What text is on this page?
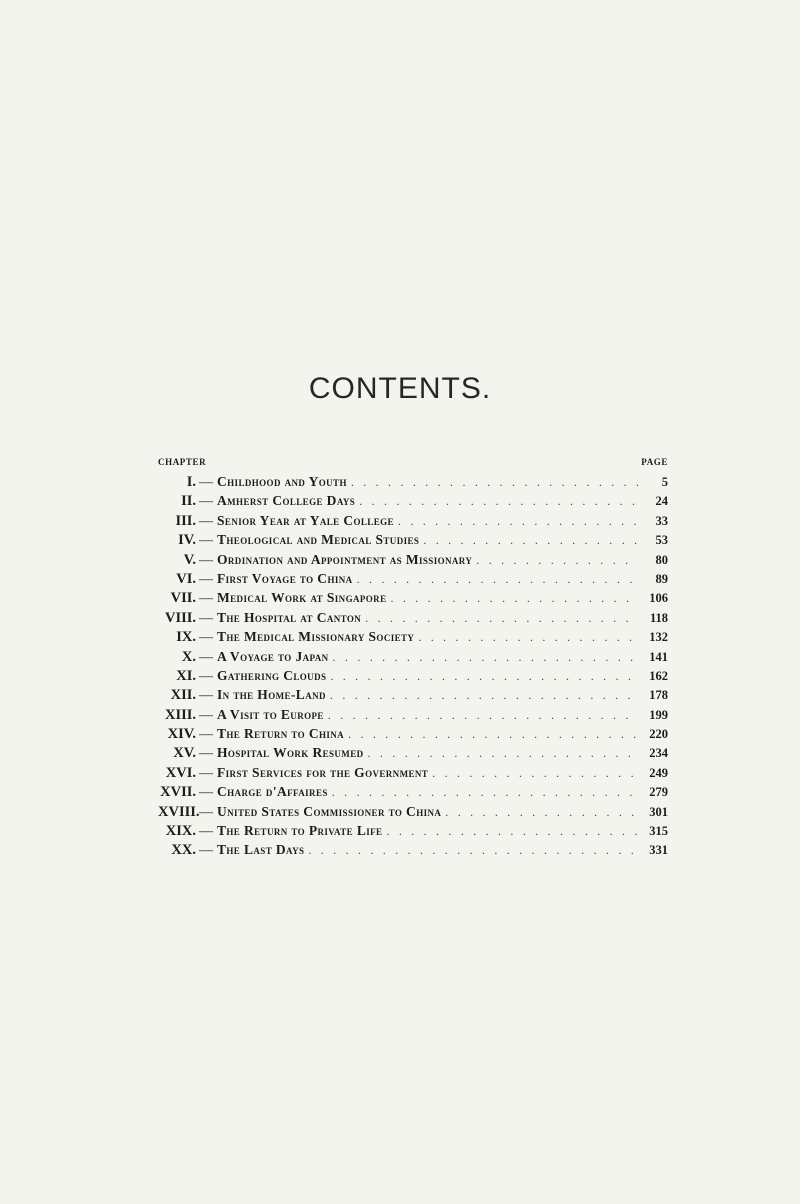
CONTENTS.
CHAPTER	PAGE
I. — Childhood and Youth . . .	5
II. — Amherst College Days . . .	24
III. — Senior Year at Yale College . . .	33
IV. — Theological and Medical Studies . . .	53
V. — Ordination and Appointment as Missionary . . .	80
VI. — First Voyage to China . . .	89
VII. — Medical Work at Singapore . . .	106
VIII. — The Hospital at Canton . . .	118
IX. — The Medical Missionary Society . . .	132
X. — A Voyage to Japan . . .	141
XI. — Gathering Clouds . . .	162
XII. — In the Home-Land . . .	178
XIII. — A Visit to Europe . . .	199
XIV. — The Return to China . . .	220
XV. — Hospital Work Resumed . . .	234
XVI. — First Services for the Government . . .	249
XVII. — Charge d'Affaires . . .	279
XVIII. — United States Commissioner to China . . .	301
XIX. — The Return to Private Life . . .	315
XX. — The Last Days . . .	331
